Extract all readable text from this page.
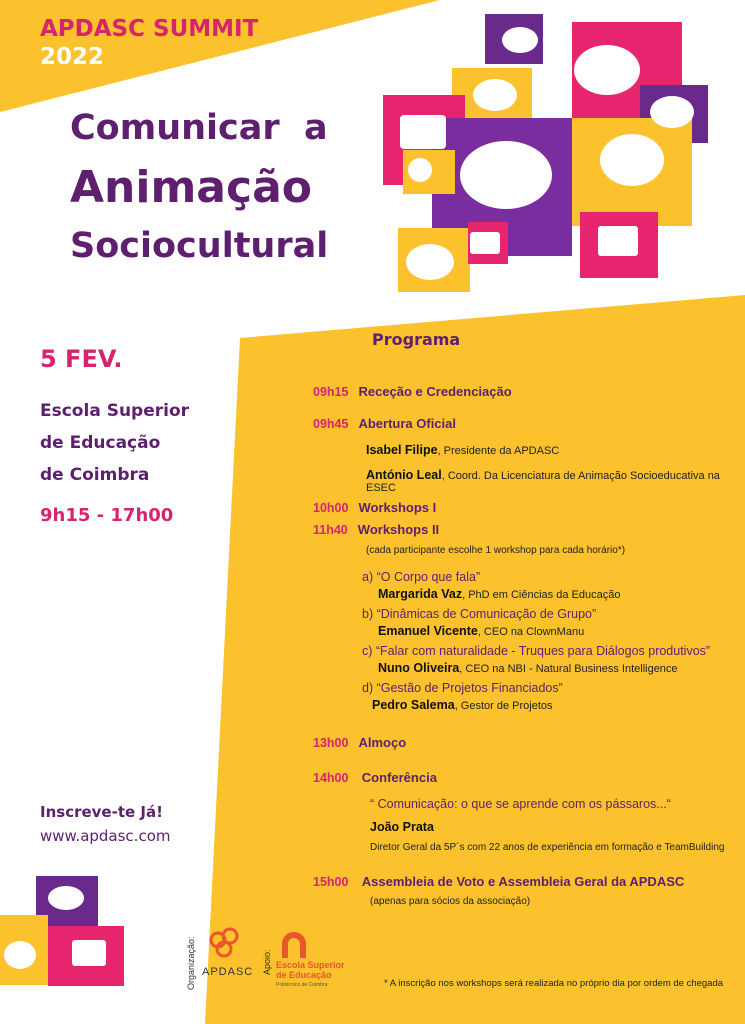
APDASC SUMMIT
2022
Comunicar  a
Animação
Sociocultural
5 FEV.
Escola Superior
de Educação
de Coimbra
9h15 - 17h00
Inscreve-te Já!
www.apdasc.com
Programa
09h15 Receção e Credenciação
09h45 Abertura Oficial
Isabel Filipe, Presidente da APDASC
António Leal, Coord. Da Licenciatura de Animação Socioeducativa na ESEC
10h00 Workshops I
11h40 Workshops II
(cada participante escolhe 1 workshop para cada horário*)
a) “O Corpo que fala”
Margarida Vaz, PhD em Ciências da Educação
b) “Dinâmicas de Comunicação de Grupo”
Emanuel Vicente, CEO na ClownManu
c) “Falar com naturalidade - Truques para Diálogos produtivos”
Nuno Oliveira, CEO na NBI - Natural Business Intelligence
d) “Gestão de Projetos Financiados”
Pedro Salema, Gestor de Projetos
13h00 Almoço
14h00 Conferência
“ Comunicação: o que se aprende com os pássaros...“
João Prata
Diretor Geral da 5P´s com 22 anos de experiência em formação e TeamBuilding
15h00 Assembleia de Voto e Assembleia Geral da APDASC
(apenas para sócios da associação)
Organização: APDASC Apoio: Escola Superior
de Educação
Politécnico de Coimbra	* A inscrição nos workshops será realizada no próprio dia por ordem de chegada
